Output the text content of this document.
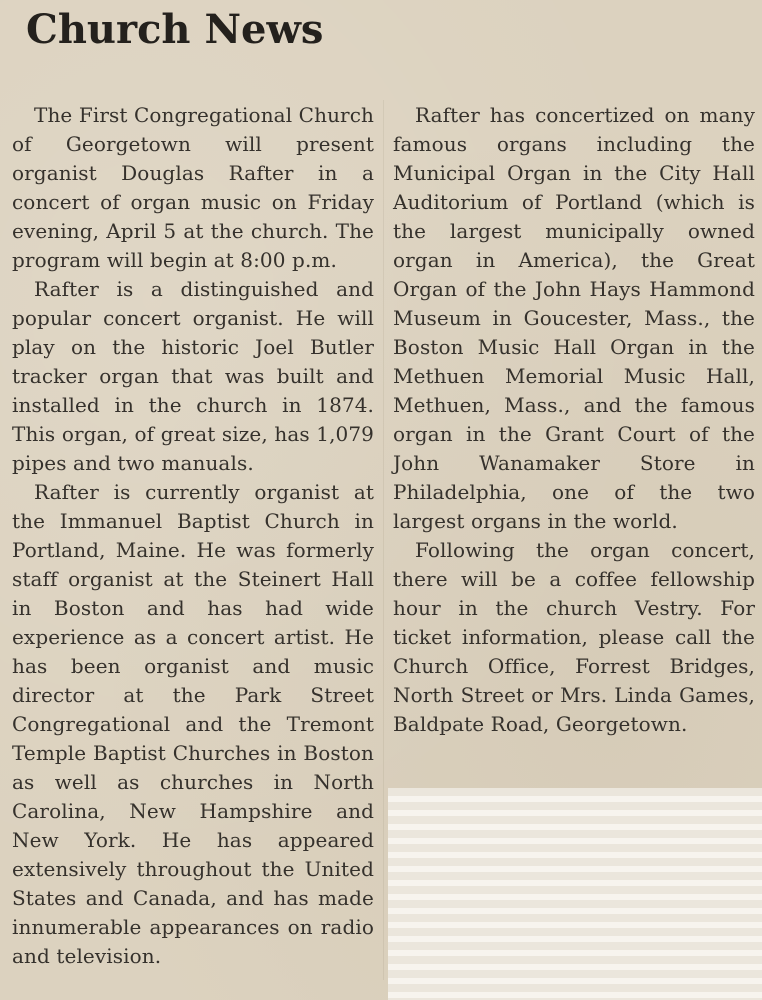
Church News

The First Congregational Church of Georgetown will present organist Douglas Rafter in a concert of organ music on Friday evening, April 5 at the church. The program will begin at 8:00 p.m.

Rafter is a distinguished and popular concert organist. He will play on the historic Joel Butler tracker organ that was built and installed in the church in 1874. This organ, of great size, has 1,079 pipes and two manuals.

Rafter is currently organist at the Immanuel Baptist Church in Portland, Maine. He was formerly staff organist at the Steinert Hall in Boston and has had wide experience as a concert artist. He has been organist and music director at the Park Street Congregational and the Tremont Temple Baptist Churches in Boston as well as churches in North Carolina, New Hampshire and New York. He has appeared extensively throughout the United States and Canada, and has made innumerable appearances on radio and television.

Rafter has concertized on many famous organs including the Municipal Organ in the City Hall Auditorium of Portland (which is the largest municipally owned organ in America), the Great Organ of the John Hays Hammond Museum in Goucester, Mass., the Boston Music Hall Organ in the Methuen Memorial Music Hall, Methuen, Mass., and the famous organ in the Grant Court of the John Wanamaker Store in Philadelphia, one of the two largest organs in the world.

Following the organ concert, there will be a coffee fellowship hour in the church Vestry. For ticket information, please call the Church Office, Forrest Bridges, North Street or Mrs. Linda Games, Baldpate Road, Georgetown.
